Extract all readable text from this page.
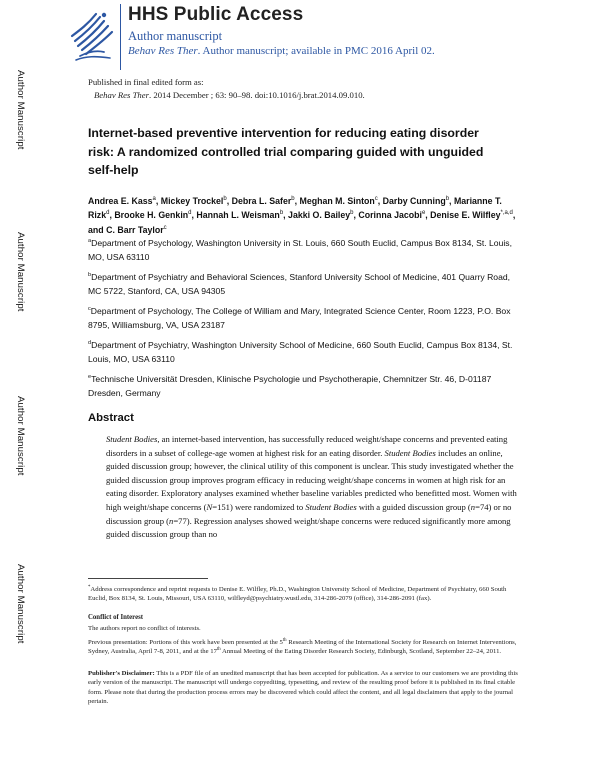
Author Manuscript
Author Manuscript
Author Manuscript
Author Manuscript
HHS Public Access
Author manuscript
Behav Res Ther. Author manuscript; available in PMC 2016 April 02.
Published in final edited form as:
Behav Res Ther. 2014 December ; 63: 90–98. doi:10.1016/j.brat.2014.09.010.
Internet-based preventive intervention for reducing eating disorder risk: A randomized controlled trial comparing guided with unguided self-help
Andrea E. Kass$^a$, Mickey Trockel$^b$, Debra L. Safer$^b$, Meghan M. Sinton$^c$, Darby Cunning$^b$, Marianne T. Rizk$^d$, Brooke H. Genkin$^d$, Hannah L. Weisman$^b$, Jakki O. Bailey$^b$, Corinna Jacobi$^e$, Denise E. Wilfley$^{*,a,d}$, and C. Barr Taylor$^c$
$^a$Department of Psychology, Washington University in St. Louis, 660 South Euclid, Campus Box 8134, St. Louis, MO, USA 63110
$^b$Department of Psychiatry and Behavioral Sciences, Stanford University School of Medicine, 401 Quarry Road, MC 5722, Stanford, CA, USA 94305
$^c$Department of Psychology, The College of William and Mary, Integrated Science Center, Room 1223, P.O. Box 8795, Williamsburg, VA, USA 23187
$^d$Department of Psychiatry, Washington University School of Medicine, 660 South Euclid, Campus Box 8134, St. Louis, MO, USA 63110
$^e$Technische Universität Dresden, Klinische Psychologie und Psychotherapie, Chemnitzer Str. 46, D-01187 Dresden, Germany
Abstract
Student Bodies, an internet-based intervention, has successfully reduced weight/shape concerns and prevented eating disorders in a subset of college-age women at highest risk for an eating disorder. Student Bodies includes an online, guided discussion group; however, the clinical utility of this component is unclear. This study investigated whether the guided discussion group improves program efficacy in reducing weight/shape concerns in women at high risk for an eating disorder. Exploratory analyses examined whether baseline variables predicted who benefitted most. Women with high weight/shape concerns (N=151) were randomized to Student Bodies with a guided discussion group (n=74) or no discussion group (n=77). Regression analyses showed weight/shape concerns were reduced significantly more among guided discussion group than no
*Address correspondence and reprint requests to Denise E. Wilfley, Ph.D., Washington University School of Medicine, Department of Psychiatry, 660 South Euclid, Box 8134, St. Louis, Missouri, USA 63110, wilfleyd@psychiatry.wustl.edu, 314-286-2079 (office), 314-286-2091 (fax).
Conflict of Interest
The authors report no conflict of interests.
Previous presentation: Portions of this work have been presented at the 5th Research Meeting of the International Society for Research on Internet Interventions, Sydney, Australia, April 7-8, 2011, and at the 17th Annual Meeting of the Eating Disorder Research Society, Edinburgh, Scotland, September 22–24, 2011.
Publisher's Disclaimer: This is a PDF file of an unedited manuscript that has been accepted for publication. As a service to our customers we are providing this early version of the manuscript. The manuscript will undergo copyediting, typesetting, and review of the resulting proof before it is published in its final citable form. Please note that during the production process errors may be discovered which could affect the content, and all legal disclaimers that apply to the journal pertain.
